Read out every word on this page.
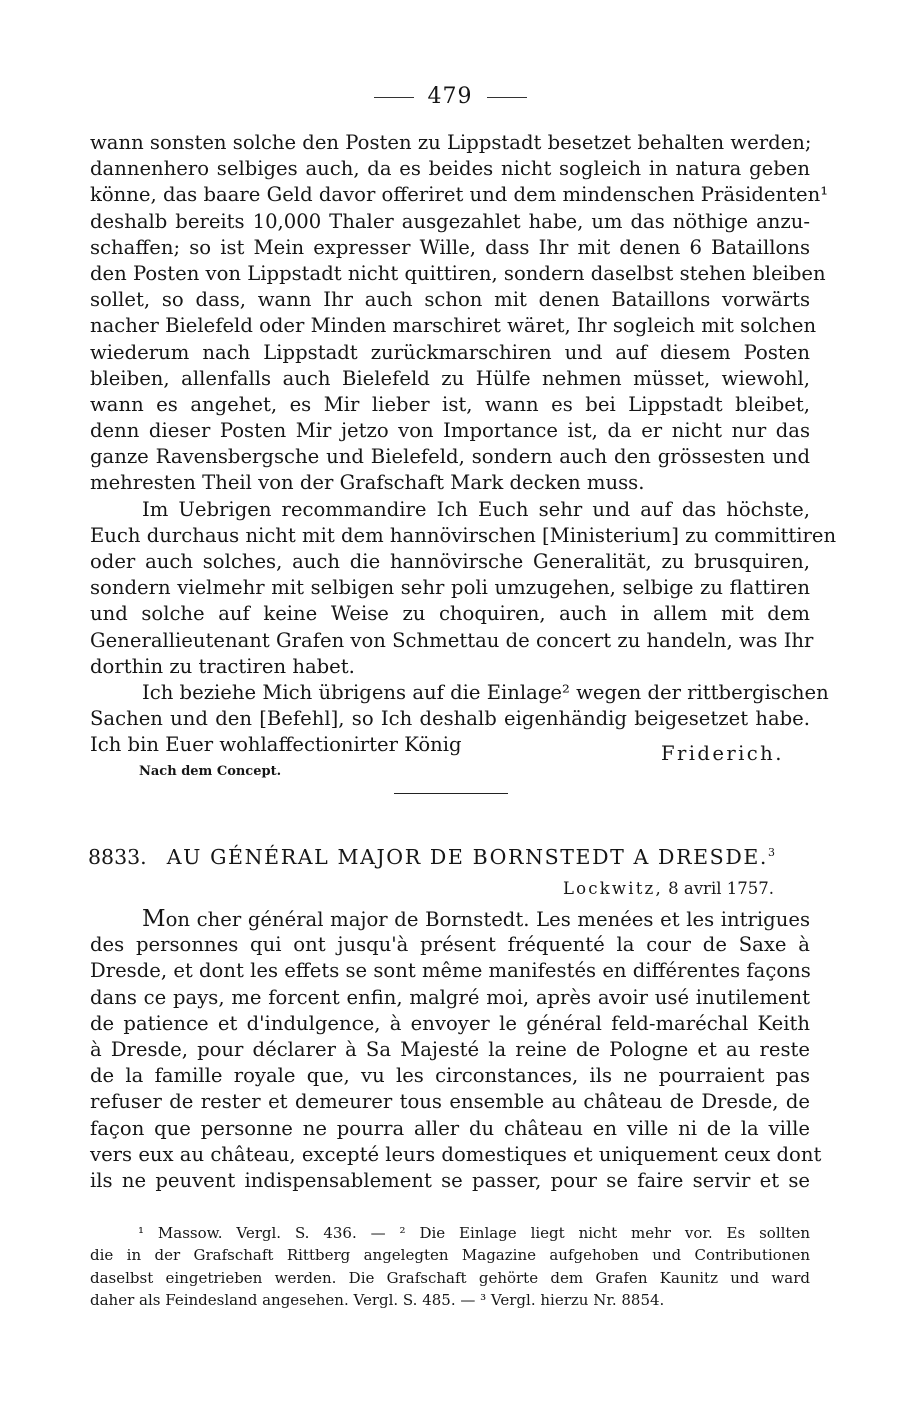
479
wann sonsten solche den Posten zu Lippstadt besetzet behalten werden;
dannenhero selbiges auch, da es beides nicht sogleich in natura geben
könne, das baare Geld davor offeriret und dem mindenschen Präsidenten¹
deshalb bereits 10,000 Thaler ausgezahlet habe, um das nöthige anzu-
schaffen; so ist Mein expresser Wille, dass Ihr mit denen 6 Bataillons
den Posten von Lippstadt nicht quittiren, sondern daselbst stehen bleiben
sollet, so dass, wann Ihr auch schon mit denen Bataillons vorwärts
nacher Bielefeld oder Minden marschiret wäret, Ihr sogleich mit solchen
wiederum nach Lippstadt zurückmarschiren und auf diesem Posten
bleiben, allenfalls auch Bielefeld zu Hülfe nehmen müsset, wiewohl,
wann es angehet, es Mir lieber ist, wann es bei Lippstadt bleibet,
denn dieser Posten Mir jetzo von Importance ist, da er nicht nur das
ganze Ravensbergsche und Bielefeld, sondern auch den grössesten und
mehresten Theil von der Grafschaft Mark decken muss.
Im Uebrigen recommandire Ich Euch sehr und auf das höchste,
Euch durchaus nicht mit dem hannövirschen [Ministerium] zu committiren
oder auch solches, auch die hannövirsche Generalität, zu brusquiren,
sondern vielmehr mit selbigen sehr poli umzugehen, selbige zu flattiren
und solche auf keine Weise zu choquiren, auch in allem mit dem
Generallieutenant Grafen von Schmettau de concert zu handeln, was Ihr
dorthin zu tractiren habet.
Ich beziehe Mich übrigens auf die Einlage² wegen der rittbergischen
Sachen und den [Befehl], so Ich deshalb eigenhändig beigesetzet habe.
Ich bin Euer wohlaffectionirter König	Friderich.
Nach dem Concept.
8833. AU GÉNÉRAL MAJOR DE BORNSTEDT A DRESDE.$^3$
Lockwitz, 8 avril 1757.
Mon cher général major de Bornstedt. Les menées et les intrigues
des personnes qui ont jusqu'à présent fréquenté la cour de Saxe à
Dresde, et dont les effets se sont même manifestés en différentes façons
dans ce pays, me forcent enfin, malgré moi, après avoir usé inutilement
de patience et d'indulgence, à envoyer le général feld-maréchal Keith
à Dresde, pour déclarer à Sa Majesté la reine de Pologne et au reste
de la famille royale que, vu les circonstances, ils ne pourraient pas
refuser de rester et demeurer tous ensemble au château de Dresde, de
façon que personne ne pourra aller du château en ville ni de la ville
vers eux au château, excepté leurs domestiques et uniquement ceux dont
ils ne peuvent indispensablement se passer, pour se faire servir et se
¹ Massow. Vergl. S. 436. — ² Die Einlage liegt nicht mehr vor. Es sollten
die in der Grafschaft Rittberg angelegten Magazine aufgehoben und Contributionen
daselbst eingetrieben werden. Die Grafschaft gehörte dem Grafen Kaunitz und ward
daher als Feindesland angesehen. Vergl. S. 485. — ³ Vergl. hierzu Nr. 8854.
